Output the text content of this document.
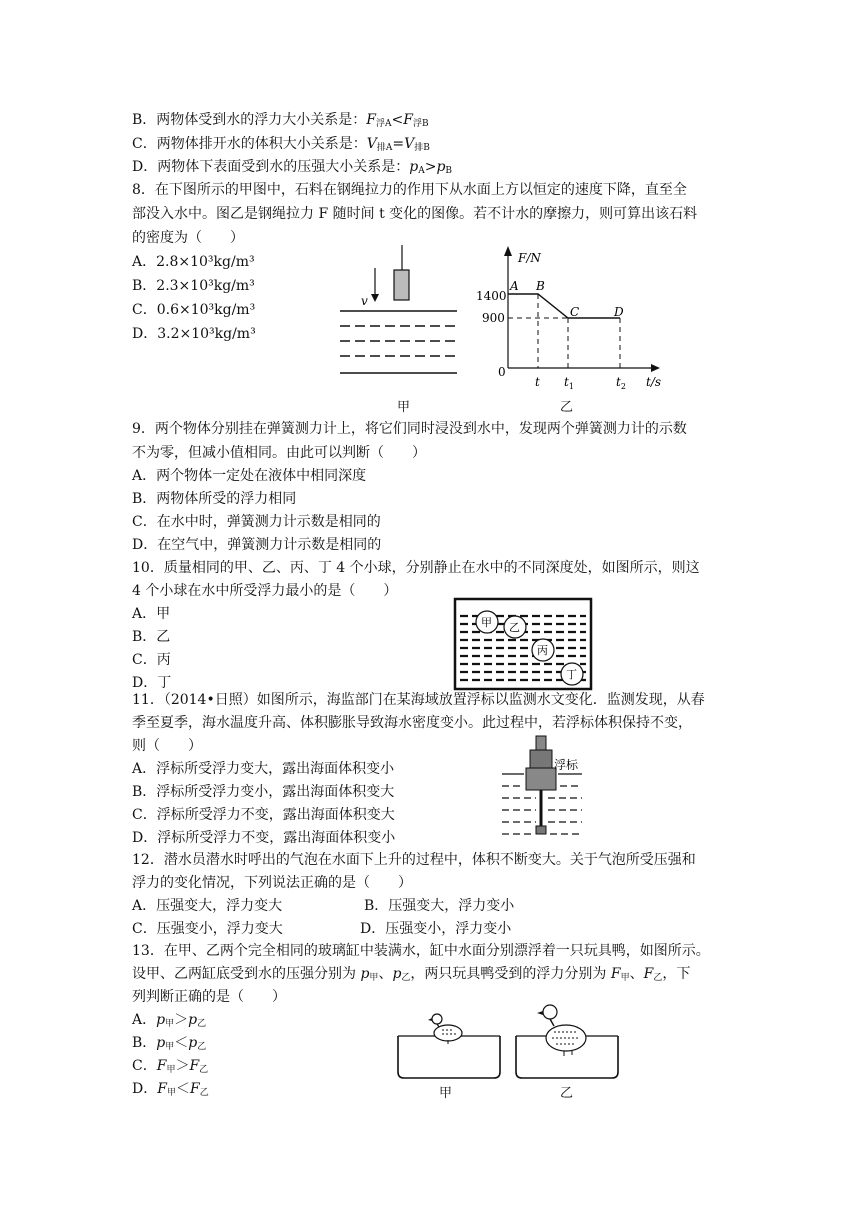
B．两物体受到水的浮力大小关系是：$F_{浮A}<F_{浮B}$
C．两物体排开水的体积大小关系是：$V_{排A}=V_{排B}$
D．两物体下表面受到水的压强大小关系是：$p_A>p_B$
8．在下图所示的甲图中，石料在钢绳拉力的作用下从水面上方以恒定的速度下降，直至全
部没入水中。图乙是钢绳拉力 F 随时间 t 变化的图像。若不计水的摩擦力，则可算出该石料
的密度为（　　）
A．2.8×10³kg/m³
B．2.3×10³kg/m³
C．0.6×10³kg/m³
D．3.2×10³kg/m³
v
甲
F/N
t/s
0
1400
900
A B
C	D
t $t_1$	$t_2$
乙
9．两个物体分别挂在弹簧测力计上，将它们同时浸没到水中，发现两个弹簧测力计的示数
不为零，但减小值相同。由此可以判断（　　）
A．两个物体一定处在液体中相同深度
B．两物体所受的浮力相同
C．在水中时，弹簧测力计示数是相同的
D．在空气中，弹簧测力计示数是相同的
10．质量相同的甲、乙、丙、丁 4 个小球，分别静止在水中的不同深度处，如图所示，则这
4 个小球在水中所受浮力最小的是（　　）
A．甲
B．乙
C．丙
D．丁
甲 乙
丙
丁
11．（2014•日照）如图所示，海监部门在某海域放置浮标以监测水文变化．监测发现，从春
季至夏季，海水温度升高、体积膨胀导致海水密度变小。此过程中，若浮标体积保持不变，
则（　　）
A．浮标所受浮力变大，露出海面体积变小
B．浮标所受浮力变小，露出海面体积变大
C．浮标所受浮力不变，露出海面体积变大
D．浮标所受浮力不变，露出海面体积变小
浮标
12．潜水员潜水时呼出的气泡在水面下上升的过程中，体积不断变大。关于气泡所受压强和
浮力的变化情况，下列说法正确的是（　　）
A．压强变大，浮力变大	B．压强变大，浮力变小
C．压强变小，浮力变大	D．压强变小，浮力变小
13．在甲、乙两个完全相同的玻璃缸中装满水，缸中水面分别漂浮着一只玩具鸭，如图所示。
设甲、乙两缸底受到水的压强分别为 $p_甲$、$p_乙$，两只玩具鸭受到的浮力分别为 $F_甲$、$F_乙$，下
列判断正确的是（　　）
A．$p_甲>p_乙$
B．$p_甲<p_乙$
C．$F_甲>F_乙$
D．$F_甲<F_乙$	甲	乙
